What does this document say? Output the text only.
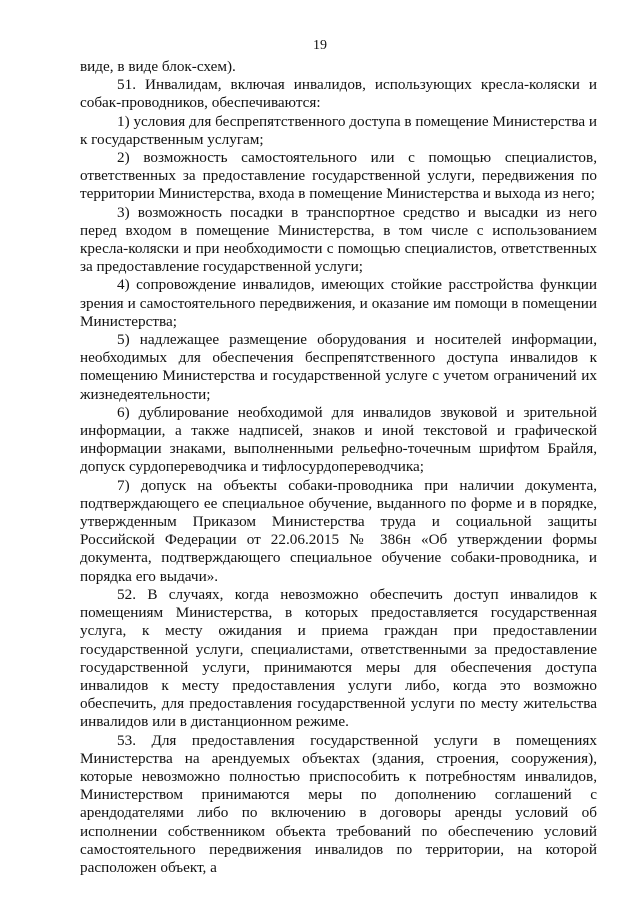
19

виде, в виде блок-схем).

51. Инвалидам, включая инвалидов, использующих кресла-коляски и собак-проводников, обеспечиваются:

1) условия для беспрепятственного доступа в помещение Министерства и к государственным услугам;

2) возможность самостоятельного или с помощью специалистов, ответственных за предоставление государственной услуги, передвижения по территории Министерства, входа в помещение Министерства и выхода из него;

3) возможность посадки в транспортное средство и высадки из него перед входом в помещение Министерства, в том числе с использованием кресла-коляски и при необходимости с помощью специалистов, ответственных за предоставление государственной услуги;

4) сопровождение инвалидов, имеющих стойкие расстройства функции зрения и самостоятельного передвижения, и оказание им помощи в помещении Министерства;

5) надлежащее размещение оборудования и носителей информации, необходимых для обеспечения беспрепятственного доступа инвалидов к помещению Министерства и государственной услуге с учетом ограничений их жизнедеятельности;

6) дублирование необходимой для инвалидов звуковой и зрительной информации, а также надписей, знаков и иной текстовой и графической информации знаками, выполненными рельефно-точечным шрифтом Брайля, допуск сурдопереводчика и тифлосурдопереводчика;

7) допуск на объекты собаки-проводника при наличии документа, подтверждающего ее специальное обучение, выданного по форме и в порядке, утвержденным Приказом Министерства труда и социальной защиты Российской Федерации от 22.06.2015 № 386н «Об утверждении формы документа, подтверждающего специальное обучение собаки-проводника, и порядка его выдачи».

52. В случаях, когда невозможно обеспечить доступ инвалидов к помещениям Министерства, в которых предоставляется государственная услуга, к месту ожидания и приема граждан при предоставлении государственной услуги, специалистами, ответственными за предоставление государственной услуги, принимаются меры для обеспечения доступа инвалидов к месту предоставления услуги либо, когда это возможно обеспечить, для предоставления государственной услуги по месту жительства инвалидов или в дистанционном режиме.

53. Для предоставления государственной услуги в помещениях Министерства на арендуемых объектах (здания, строения, сооружения), которые невозможно полностью приспособить к потребностям инвалидов, Министерством принимаются меры по дополнению соглашений с арендодателями либо по включению в договоры аренды условий об исполнении собственником объекта требований по обеспечению условий самостоятельного передвижения инвалидов по территории, на которой расположен объект, а
